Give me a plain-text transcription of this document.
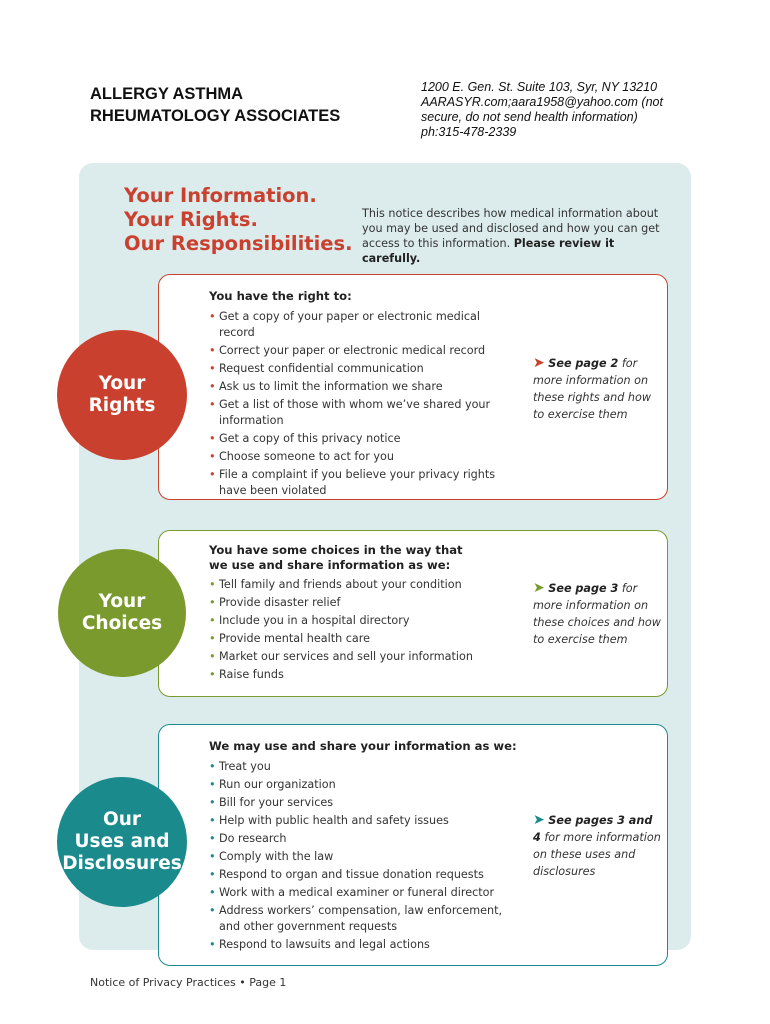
ALLERGY ASTHMA
RHEUMATOLOGY ASSOCIATES
1200 E. Gen. St. Suite 103, Syr, NY 13210
AARASYR.com;aara1958@yahoo.com (not
secure, do not send health information)
ph:315-478-2339
Your Information.
Your Rights.
Our Responsibilities.
This notice describes how medical information about you may be used and disclosed and how you can get access to this information. Please review it carefully.
You have the right to:
• Get a copy of your paper or electronic medical record
• Correct your paper or electronic medical record
• Request confidential communication
• Ask us to limit the information we share
• Get a list of those with whom we’ve shared your information
• Get a copy of this privacy notice
• Choose someone to act for you
• File a complaint if you believe your privacy rights have been violated
➤ See page 2 for more information on these rights and how to exercise them
You have some choices in the way that we use and share information as we:
• Tell family and friends about your condition
• Provide disaster relief
• Include you in a hospital directory
• Provide mental health care
• Market our services and sell your information
• Raise funds
➤ See page 3 for more information on these choices and how to exercise them
We may use and share your information as we:
• Treat you
• Run our organization
• Bill for your services
• Help with public health and safety issues
• Do research
• Comply with the law
• Respond to organ and tissue donation requests
• Work with a medical examiner or funeral director
• Address workers’ compensation, law enforcement, and other government requests
• Respond to lawsuits and legal actions
➤ See pages 3 and 4 for more information on these uses and disclosures
Your
Rights
Your
Choices
Our
Uses and
Disclosures
Notice of Privacy Practices • Page 1
